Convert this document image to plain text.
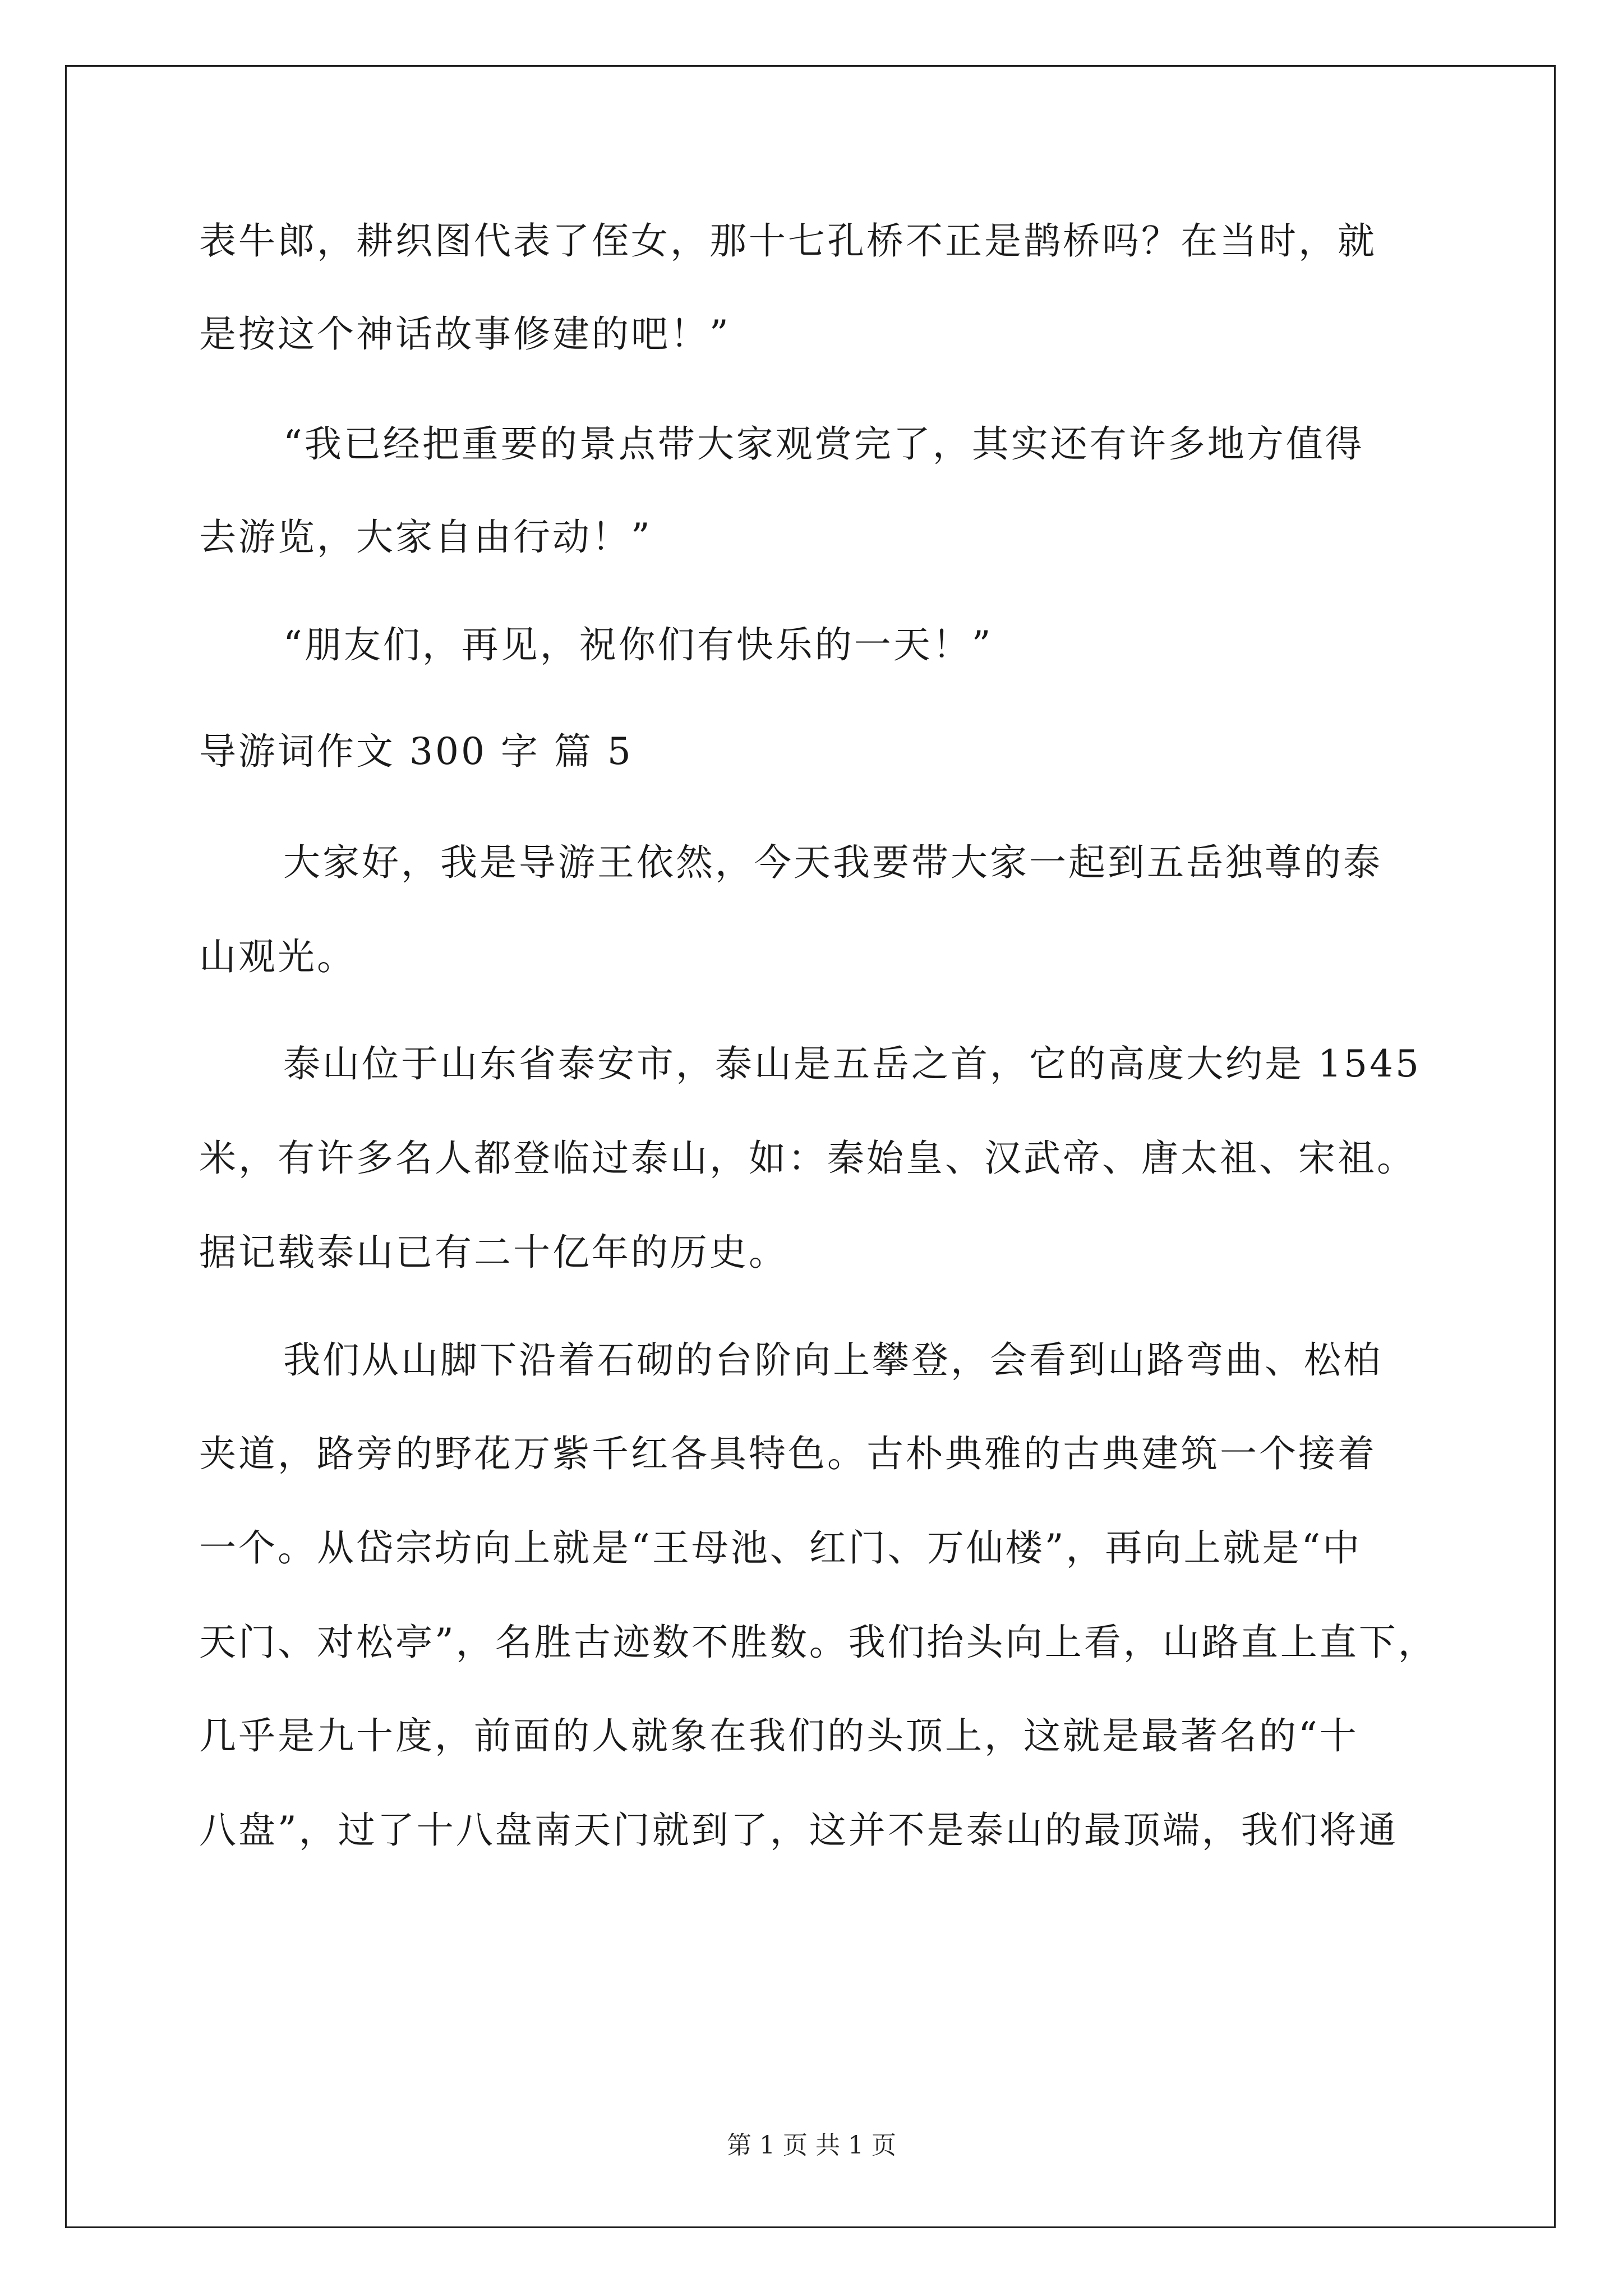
表牛郎，耕织图代表了侄女，那十七孔桥不正是鹊桥吗？在当时，就
是按这个神话故事修建的吧！”
“我已经把重要的景点带大家观赏完了，其实还有许多地方值得
去游览，大家自由行动！”
“朋友们，再见，祝你们有快乐的一天！”
导游词作文 300 字 篇 5
大家好，我是导游王依然，今天我要带大家一起到五岳独尊的泰
山观光。
泰山位于山东省泰安市，泰山是五岳之首，它的高度大约是 1545
米，有许多名人都登临过泰山，如：秦始皇、汉武帝、唐太祖、宋祖。
据记载泰山已有二十亿年的历史。
我们从山脚下沿着石砌的台阶向上攀登，会看到山路弯曲、松柏
夹道，路旁的野花万紫千红各具特色。古朴典雅的古典建筑一个接着
一个。从岱宗坊向上就是“王母池、红门、万仙楼”，再向上就是“中
天门、对松亭”，名胜古迹数不胜数。我们抬头向上看，山路直上直下，
几乎是九十度，前面的人就象在我们的头顶上，这就是最著名的“十
八盘”，过了十八盘南天门就到了，这并不是泰山的最顶端，我们将通
第 1 页 共 1 页
